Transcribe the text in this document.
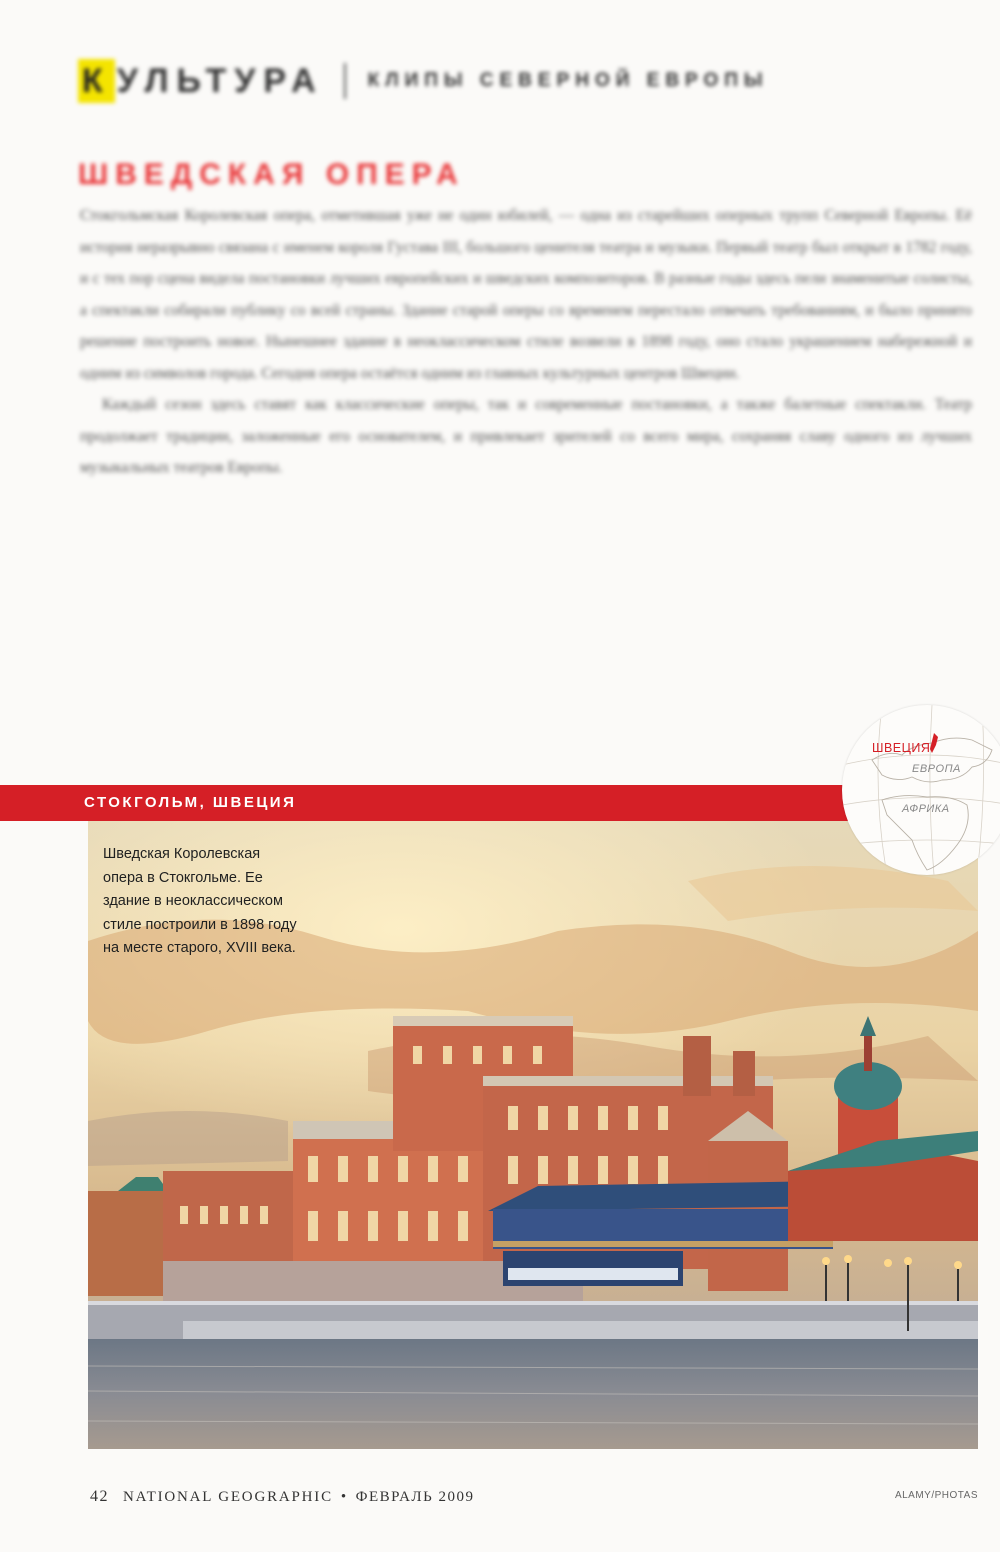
К УЛЬТУРА КЛИПЫ СЕВЕРНОЙ ЕВРОПЫ
ШВЕДСКАЯ ОПЕРА

Стокгольмская Королевская опера, отметившая уже не один юбилей, — одна из старейших оперных трупп Северной Европы. Её история неразрывно связана с именем короля Густава III, большого ценителя театра и музыки. Первый театр был открыт в 1782 году, и с тех пор сцена видела постановки лучших европейских и шведских композиторов. В разные годы здесь пели знаменитые солисты, а спектакли собирали публику со всей страны. Здание старой оперы со временем перестало отвечать требованиям, и было принято решение построить новое. Нынешнее здание в неоклассическом стиле возвели в 1898 году, оно стало украшением набережной и одним из символов города. Сегодня опера остаётся одним из главных культурных центров Швеции.

Каждый сезон здесь ставят как классические оперы, так и современные постановки, а также балетные спектакли. Театр продолжает традиции, заложенные его основателем, и привлекает зрителей со всего мира, сохраняя славу одного из лучших музыкальных театров Европы.

Шведская Королевская опера в Стокгольме. Ее здание в неоклассическом стиле построили в 1898 году на месте старого, XVIII века.
СТОКГОЛЬМ, ШВЕЦИЯ
ШВЕЦИЯ
ЕВРОПА
АФРИКА
42 NATIONAL GEOGRAPHIC • ФЕВРАЛЬ 2009	ALAMY/PHOTAS
